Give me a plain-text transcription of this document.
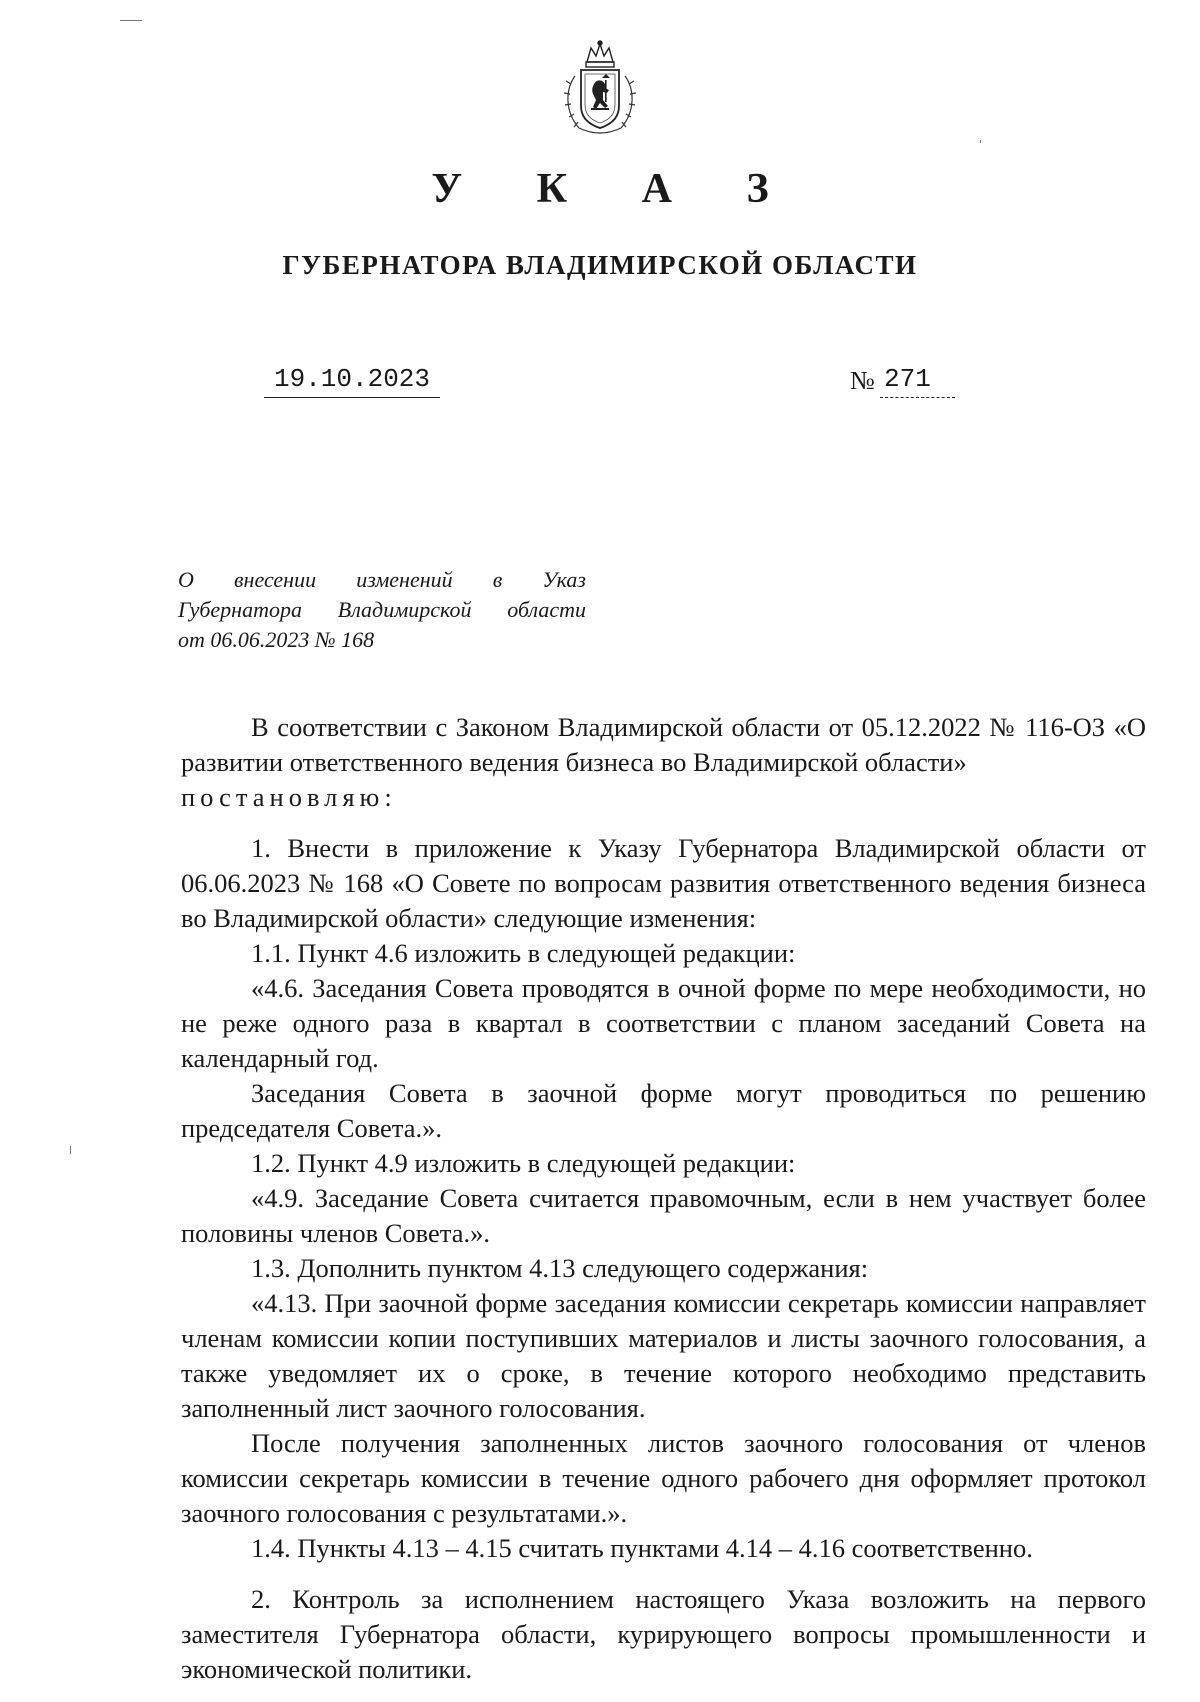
У К А З
ГУБЕРНАТОРА ВЛАДИМИРСКОЙ ОБЛАСТИ
19.10.2023	№ 271
О внесении изменений в Указ
Губернатора Владимирской области
от 06.06.2023 № 168

В соответствии с Законом Владимирской области от 05.12.2022 № 116-ОЗ «О развитии ответственного ведения бизнеса во Владимирской области»

постановляю:

1. Внести в приложение к Указу Губернатора Владимирской области от 06.06.2023 № 168 «О Совете по вопросам развития ответственного ведения бизнеса во Владимирской области» следующие изменения:

1.1. Пункт 4.6 изложить в следующей редакции:

«4.6. Заседания Совета проводятся в очной форме по мере необходимости, но не реже одного раза в квартал в соответствии с планом заседаний Совета на календарный год.

Заседания Совета в заочной форме могут проводиться по решению председателя Совета.».

1.2. Пункт 4.9 изложить в следующей редакции:

«4.9. Заседание Совета считается правомочным, если в нем участвует более половины членов Совета.».

1.3. Дополнить пунктом 4.13 следующего содержания:

«4.13. При заочной форме заседания комиссии секретарь комиссии направляет членам комиссии копии поступивших материалов и листы заочного голосования, а также уведомляет их о сроке, в течение которого необходимо представить заполненный лист заочного голосования.

После получения заполненных листов заочного голосования от членов комиссии секретарь комиссии в течение одного рабочего дня оформляет протокол заочного голосования с результатами.».

1.4. Пункты 4.13 – 4.15 считать пунктами 4.14 – 4.16 соответственно.

2. Контроль за исполнением настоящего Указа возложить на первого заместителя Губернатора области, курирующего вопросы промышленности и экономической политики.
